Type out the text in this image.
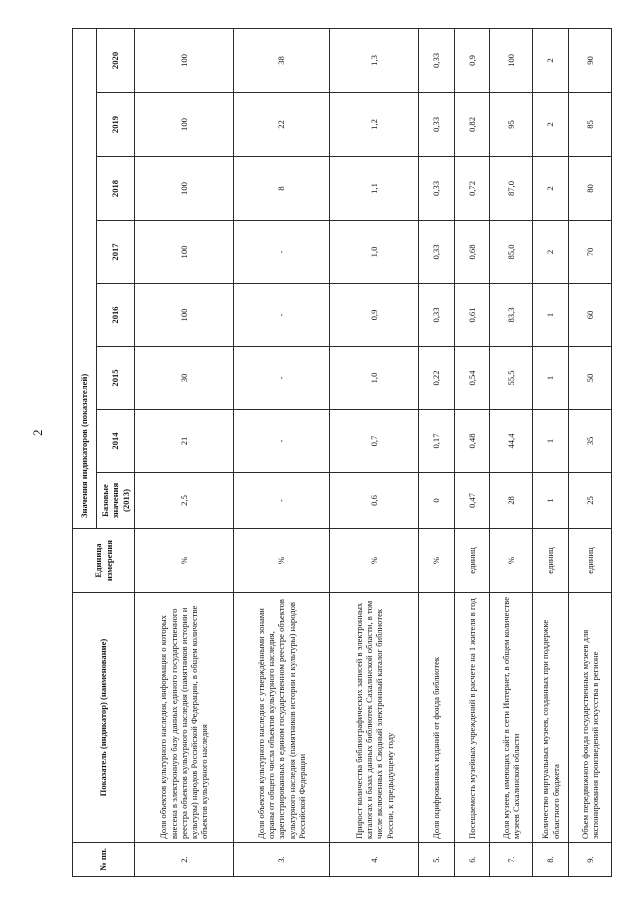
2
№ пп.	Показатель (индикатор) (наименование)	Единица измерения	Значения индикаторов (показателей)							
			Базовые значения (2013)	2014	2015	2016	2017	2018	2019	2020
2.	Доля объектов культурного наследия, информация о которых внесена в электронную базу данных единого государственного реестра объектов культурного наследия (памятников истории и культуры) народов Российской Федерации, в общем количестве объектов культурного наследия	%	2,5	21	30	100	100	100	100	100
3.	Доля объектов культурного наследия с утверждёнными зонами охраны от общего числа объектов культурного наследия, зарегистрированных в едином государственном реестре объектов культурного наследия (памятников истории и культуры) народов Российской Федерации	%	-	-	-	-	-	8	22	38
4.	Прирост количества библиографических записей в электронных каталогах и базах данных библиотек Сахалинской области, в том числе включенных в Сводный электронный каталог библиотек России, к предыдущему году	%	0,6	0,7	1,0	0,9	1,0	1,1	1,2	1,3
5.	Доля оцифрованных изданий от фонда библиотек	%	0	0,17	0,22	0,33	0,33	0,33	0,33	0,33
6.	Посещаемость музейных учреждений в расчете на 1 жителя в год	единиц	0,47	0,48	0,54	0,61	0,68	0,72	0,82	0,9
7.	Доля музеев, имеющих сайт в сети Интернет, в общем количестве музеев Сахалинской области	%	28	44,4	55,5	83,3	85,0	87,0	95	100
8.	Количество виртуальных музеев, созданных при поддержке областного бюджета	единиц	1	1	1	1	2	2	2	2
9.	Объем передвижного фонда государственных музеев для экспонирования произведений искусства в регионе	единиц	25	35	50	60	70	80	85	90
